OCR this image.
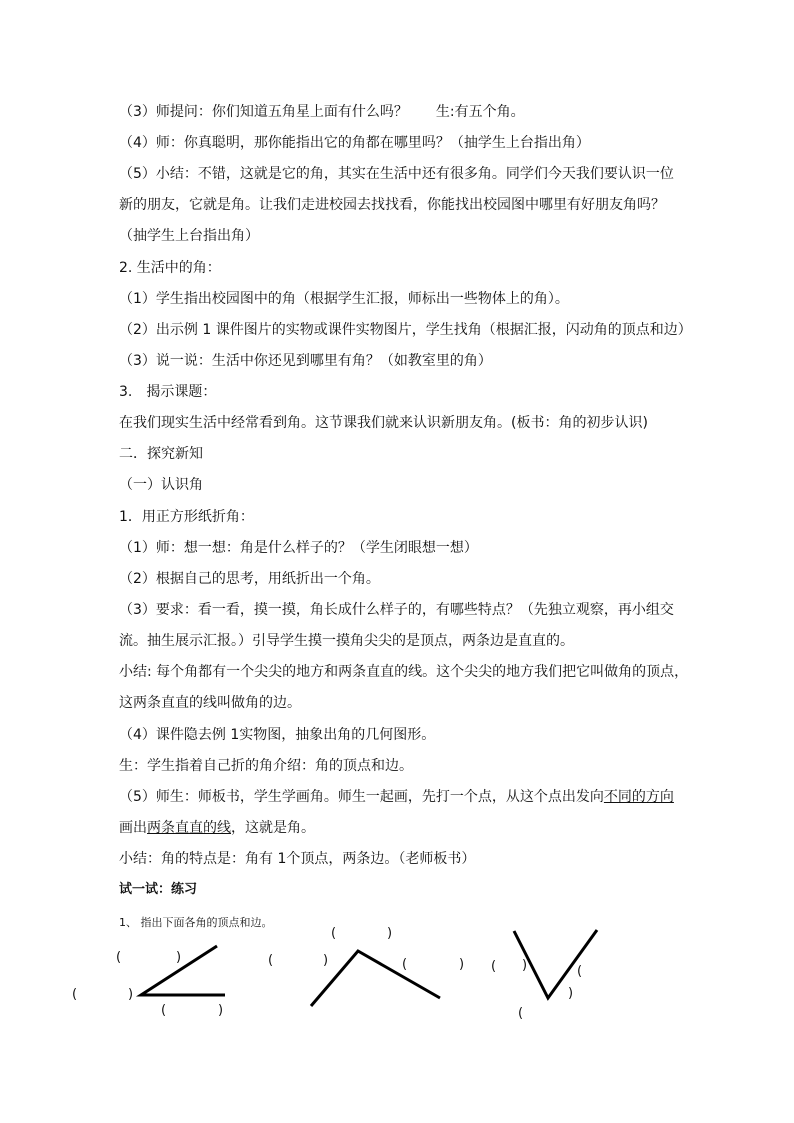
（3）师提问：你们知道五角星上面有什么吗？　　生:有五个角。
（4）师：你真聪明，那你能指出它的角都在哪里吗？（抽学生上台指出角）
（5）小结：不错，这就是它的角，其实在生活中还有很多角。同学们今天我们要认识一位
新的朋友，它就是角。让我们走进校园去找找看，你能找出校园图中哪里有好朋友角吗？
（抽学生上台指出角）
2. 生活中的角：
（1）学生指出校园图中的角（根据学生汇报，师标出一些物体上的角）。
（2）出示例 1 课件图片的实物或课件实物图片，学生找角（根据汇报，闪动角的顶点和边）
（3）说一说：生活中你还见到哪里有角？（如教室里的角）
3.　揭示课题：
在我们现实生活中经常看到角。这节课我们就来认识新朋友角。(板书：角的初步认识)
二．探究新知
（一）认识角
1．用正方形纸折角：
（1）师：想一想：角是什么样子的？（学生闭眼想一想）
（2）根据自己的思考，用纸折出一个角。
（3）要求：看一看，摸一摸，角长成什么样子的，有哪些特点？（先独立观察，再小组交
流。抽生展示汇报。）引导学生摸一摸角尖尖的是顶点，两条边是直直的。
小结: 每个角都有一个尖尖的地方和两条直直的线。这个尖尖的地方我们把它叫做角的顶点，
这两条直直的线叫做角的边。
（4）课件隐去例 1实物图，抽象出角的几何图形。
生：学生指着自己折的角介绍：角的顶点和边。
（5）师生：师板书，学生学画角。师生一起画，先打一个点，从这个点出发向不同的方向
画出两条直直的线，这就是角。
小结：角的特点是：角有 1个顶点，两条边。（老师板书）
试一试：练习
1、 指出下面各角的顶点和边。
(	)
(	)
(	)
(	)
(	)	(	) ( )	(
)
(
